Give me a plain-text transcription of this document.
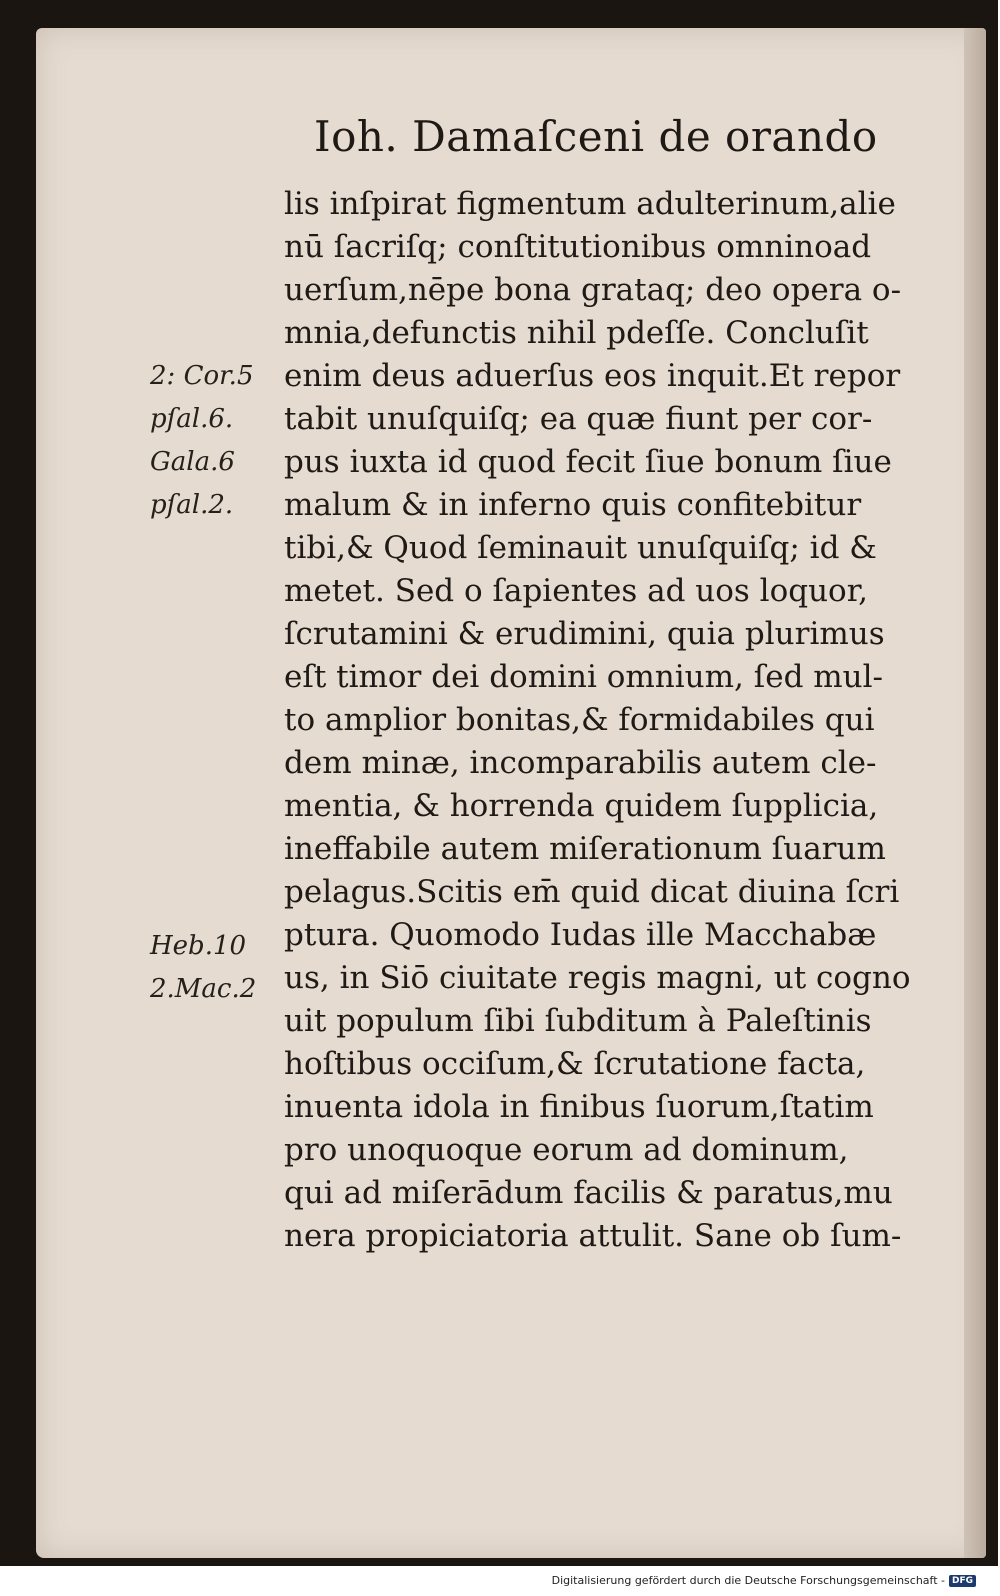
Ioh. Damaſceni de orando
lis inſpirat figmentum adulterinum,alie
nū ſacriſq; conſtitutionibus omninoad
uerſum,nēpe bona grataq; deo opera o-
mnia,defunctis nihil pdeſſe. Concluſit
enim deus aduerſus eos inquit.Et repor
tabit unuſquiſq; ea quæ fiunt per cor-
pus iuxta id quod fecit ſiue bonum ſiue
malum & in inferno quis confitebitur
tibi,& Quod ſeminauit unuſquiſq; id &
metet. Sed o ſapientes ad uos loquor,
ſcrutamini & erudimini, quia plurimus
eſt timor dei domini omnium, ſed mul-
to amplior bonitas,& formidabiles qui
dem minæ, incomparabilis autem cle-
mentia, & horrenda quidem ſupplicia,
ineffabile autem miſerationum ſuarum
pelagus.Scitis em̄ quid dicat diuina ſcri
ptura. Quomodo Iudas ille Macchabæ
us, in Siō ciuitate regis magni, ut cogno
uit populum ſibi ſubditum à Paleſtinis
hoſtibus occiſum,& ſcrutatione facta,
inuenta idola in finibus ſuorum,ſtatim
pro unoquoque eorum ad dominum,
qui ad miſerādum facilis & paratus,mu
nera propiciatoria attulit. Sane ob ſum-
2: Cor.5
pſal.6.
Gala.6
pſal.2.
Heb.10
2.Mac.2
Digitalisierung gefördert durch die Deutsche Forschungsgemeinschaft - DFG
